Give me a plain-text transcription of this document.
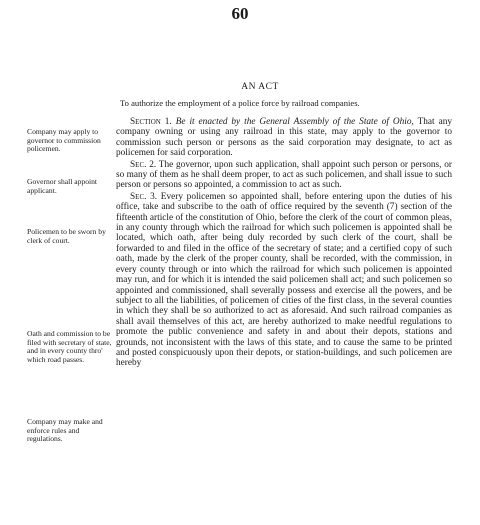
60
AN ACT
To authorize the employment of a police force by railroad companies.
Company may apply to governor to commission policemen.
Governor shall appoint applicant.
Policemen to be sworn by clerk of court.
Oath and commission to be filed with secretary of state, and in every county thro' which road passes.
Company may make and enforce rules and regulations.

Section 1. Be it enacted by the General Assembly of the State of Ohio, That any company owning or using any railroad in this state, may apply to the governor to commission such person or persons as the said corporation may designate, to act as policemen for said corporation.

Sec. 2. The governor, upon such application, shall appoint such person or persons, or so many of them as he shall deem proper, to act as such policemen, and shall issue to such person or persons so appointed, a commission to act as such.

Sec. 3. Every policemen so appointed shall, before entering upon the duties of his office, take and subscribe to the oath of office required by the seventh (7) section of the fifteenth article of the constitution of Ohio, before the clerk of the court of common pleas, in any county through which the railroad for which such policemen is appointed shall be located, which oath, after being duly recorded by such clerk of the court, shall be forwarded to and filed in the office of the secretary of state; and a certified copy of such oath, made by the clerk of the proper county, shall be recorded, with the commission, in every county through or into which the railroad for which such policemen is appointed may run, and for which it is intended the said policemen shall act; and such policemen so appointed and commissioned, shall severally possess and exercise all the powers, and be subject to all the liabilities, of policemen of cities of the first class, in the several counties in which they shall be so authorized to act as aforesaid. And such railroad companies as shall avail themselves of this act, are hereby authorized to make needful regulations to promote the public convenience and safety in and about their depots, stations and grounds, not inconsistent with the laws of this state, and to cause the same to be printed and posted conspicuously upon their depots, or station-buildings, and such policemen are hereby
